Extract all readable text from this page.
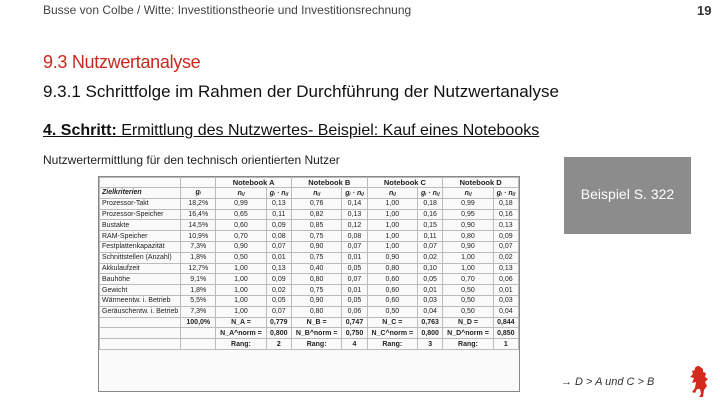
Busse von Colbe / Witte: Investitionstheorie und Investitionsrechnung	19
9.3 Nutzwertanalyse
9.3.1 Schrittfolge im Rahmen der Durchführung der Nutzwertanalyse
4. Schritt: Ermittlung des Nutzwertes- Beispiel: Kauf eines Notebooks
Nutzwertermittlung für den technisch orientierten Nutzer
Beispiel S. 322
		Notebook A		Notebook B		Notebook C		Notebook D	
Zielkriterien	gᵢ	nᵢⱼ	gᵢ · nᵢⱼ	nᵢⱼ	gᵢ · nᵢⱼ	nᵢⱼ	gᵢ · nᵢⱼ	nᵢⱼ	gᵢ · nᵢⱼ
Prozessor-Takt	18,2%	0,99	0,13	0,76	0,14	1,00	0,18	0,99	0,18
Prozessor-Speicher	16,4%	0,65	0,11	0,82	0,13	1,00	0,16	0,95	0,16
Bustakte	14,5%	0,60	0,09	0,85	0,12	1,00	0,15	0,90	0,13
RAM-Speicher	10,9%	0,70	0,08	0,75	0,08	1,00	0,11	0,80	0,09
Festplattenkapazität	7,3%	0,90	0,07	0,90	0,07	1,00	0,07	0,90	0,07
Schnittstellen (Anzahl)	1,8%	0,50	0,01	0,75	0,01	0,90	0,02	1,00	0,02
Akkulaufzeit	12,7%	1,00	0,13	0,40	0,05	0,80	0,10	1,00	0,13
Bauhöhe	9,1%	1,00	0,09	0,80	0,07	0,60	0,05	0,70	0,06
Gewicht	1,8%	1,00	0,02	0,75	0,01	0,60	0,01	0,50	0,01
Wärmeentw. i. Betrieb	5,5%	1,00	0,05	0,90	0,05	0,60	0,03	0,50	0,03
Geräuschentw. i. Betrieb	7,3%	1,00	0,07	0,80	0,06	0,50	0,04	0,50	0,04
	100,0%	N_A =	0,779	N_B =	0,747	N_C =	0,763	N_D =	0,844
		N_A^norm =	0,800	N_B^norm =	0,750	N_C^norm =	0,800	N_D^norm =	0,850
		Rang:	2	Rang:	4	Rang:	3	Rang:	1
→ D > A und C > B
